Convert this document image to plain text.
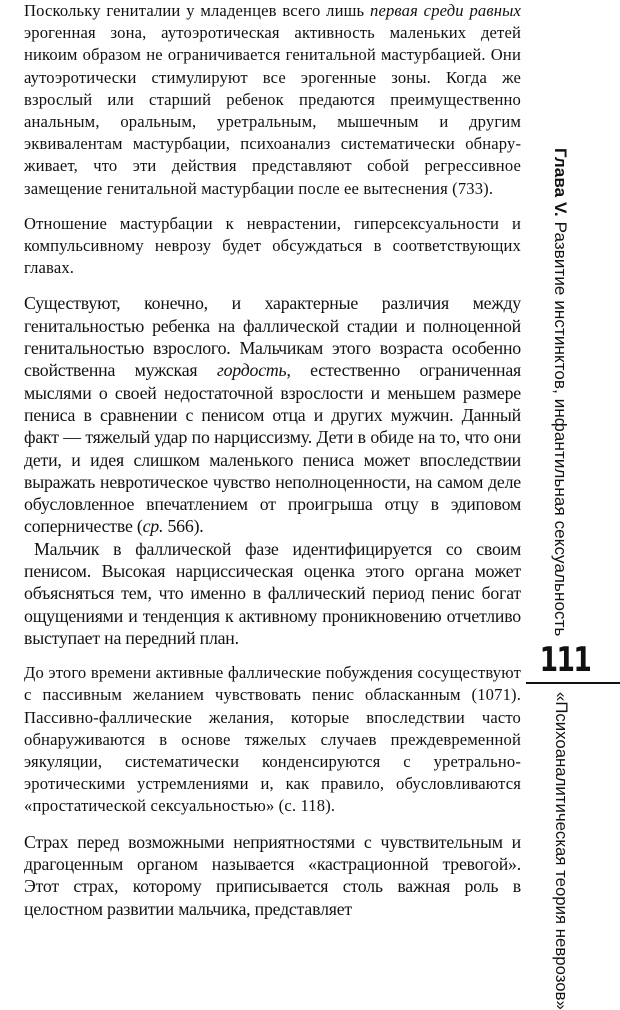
Поскольку гениталии у младенцев всего лишь первая среди равных эрогенная зона, аутоэротическая активность маленьких детей никоим образом не ограничивается генитальной мастурбацией. Они аутоэротически стимулируют все эрогенные зоны. Когда же взрослый или старший ребенок предаются преимущественно анальным, оральным, уретральным, мышечным и другим эквивалентам мастурбации, психоанализ систематически обнаруживает, что эти действия представляют собой регрессивное замещение генитальной мастурбации после ее вытеснения (733).

Отношение мастурбации к неврастении, гиперсексуальности и компульсивному неврозу будет обсуждаться в соответствующих главах.

Существуют, конечно, и характерные различия между генитальностью ребенка на фаллической стадии и полноценной генитальностью взрослого. Мальчикам этого возраста особенно свойственна мужская гордость, естественно ограниченная мыслями о своей недостаточной взрослости и меньшем размере пениса в сравнении с пенисом отца и других мужчин. Данный факт — тяжелый удар по нарциссизму. Дети в обиде на то, что они дети, и идея слишком маленького пениса может впоследствии выражать невротическое чувство неполноценности, на самом деле обусловленное впечатлением от проигрыша отцу в эдиповом соперничестве (ср. 566).

Мальчик в фаллической фазе идентифицируется со своим пенисом. Высокая нарциссическая оценка этого органа может объясняться тем, что именно в фаллический период пенис богат ощущениями и тенденция к активному проникновению отчетливо выступает на передний план.

До этого времени активные фаллические побуждения сосуществуют с пассивным желанием чувствовать пенис обласканным (1071). Пассивно-фаллические желания, которые впоследствии часто обнаруживаются в основе тяжелых случаев преждевременной эякуляции, систематически конденсируются с уретрально-эротическими устремлениями и, как правило, обусловливаются «простатической сексуальностью» (с. 118).

Страх перед возможными неприятностями с чувствительным и драгоценным органом называется «кастрационной тревогой». Этот страх, которому приписывается столь важная роль в целостном развитии мальчика, представляет

Глава V. Развитие инстинктов, инфантильная сексуальность
111
«Психоаналитическая теория неврозов»
